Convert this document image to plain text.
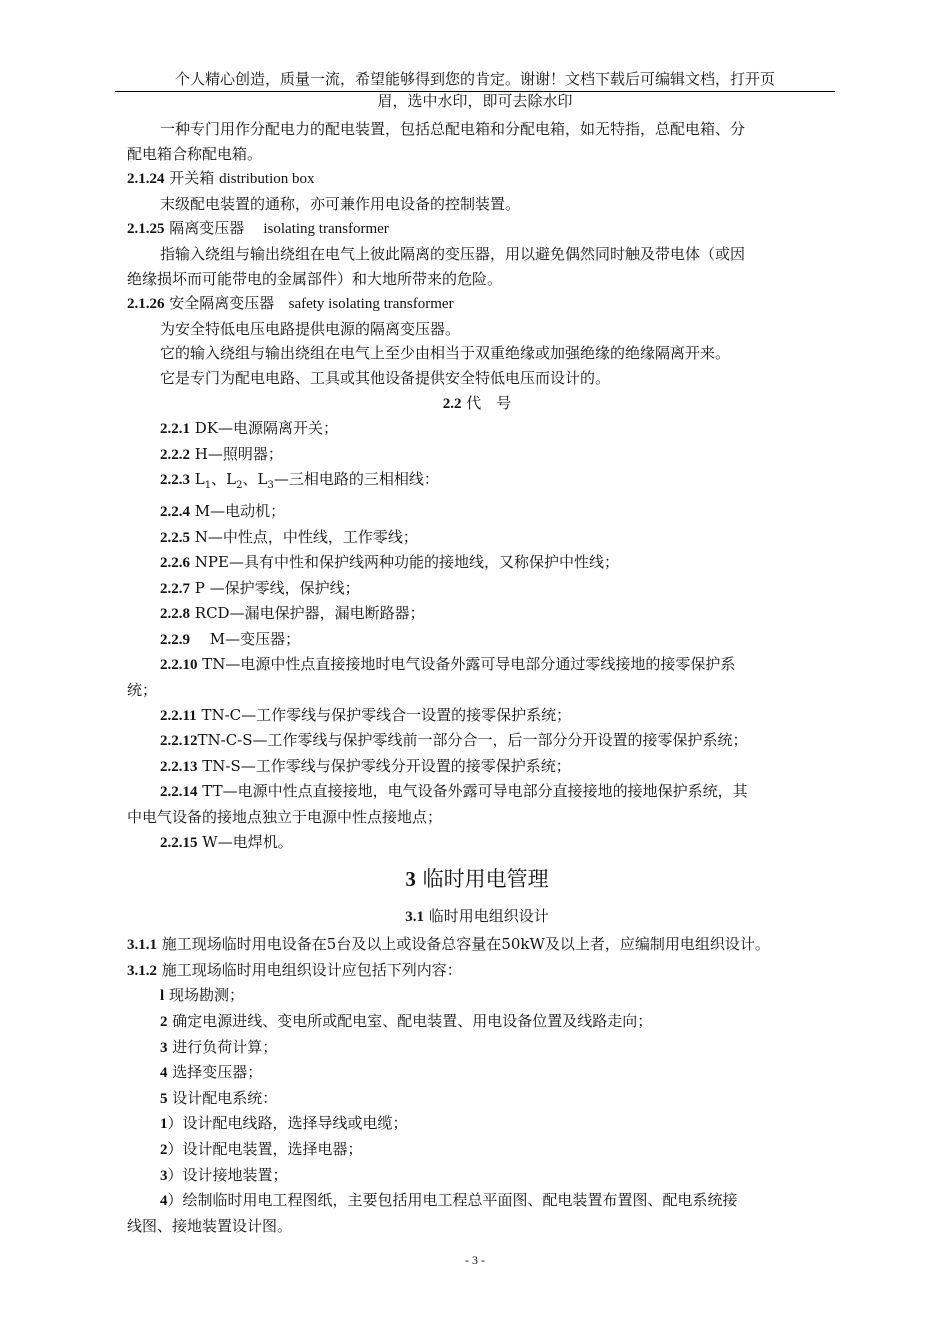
个人精心创造，质量一流，希望能够得到您的肯定。谢谢！文档下载后可编辑文档，打开页
眉，选中水印，即可去除水印

一种专门用作分配电力的配电装置，包括总配电箱和分配电箱，如无特指，总配电箱、分

配电箱合称配电箱。

2.1.24 开关箱 distribution box

末级配电装置的通称，亦可兼作用电设备的控制装置。

2.1.25 隔离变压器 isolating transformer

指输入绕组与输出绕组在电气上彼此隔离的变压器，用以避免偶然同时触及带电体（或因

绝缘损坏而可能带电的金属部件）和大地所带来的危险。

2.1.26 安全隔离变压器 safety isolating transformer

为安全特低电压电路提供电源的隔离变压器。

它的输入绕组与输出绕组在电气上至少由相当于双重绝缘或加强绝缘的绝缘隔离开来。

它是专门为配电电路、工具或其他设备提供安全特低电压而设计的。

2.2 代　号

2.2.1 DK—电源隔离开关；

2.2.2 H—照明器；

2.2.3 $L_1$、$L_2$、$L_3—$三相电路的三相相线：

2.2.4 M—电动机；

2.2.5 N—中性点，中性线，工作零线；

2.2.6 NPE—具有中性和保护线两种功能的接地线，又称保护中性线；

2.2.7 P —保护零线，保护线；

2.2.8 RCD—漏电保护器，漏电断路器；

2.2.9 　M—变压器；

2.2.10 TN—电源中性点直接接地时电气设备外露可导电部分通过零线接地的接零保护系

统；

2.2.11 TN-C—工作零线与保护零线合一设置的接零保护系统；

2.2.12TN-C-S—工作零线与保护零线前一部分合一，后一部分分开设置的接零保护系统；

2.2.13 TN-S—工作零线与保护零线分开设置的接零保护系统；

2.2.14 TT—电源中性点直接接地，电气设备外露可导电部分直接接地的接地保护系统，其

中电气设备的接地点独立于电源中性点接地点；

2.2.15 W—电焊机。

3 临时用电管理

3.1 临时用电组织设计

3.1.1 施工现场临时用电设备在5台及以上或设备总容量在50kW及以上者，应编制用电组织设计。

3.1.2 施工现场临时用电组织设计应包括下列内容：

l 现场勘测；

2 确定电源进线、变电所或配电室、配电装置、用电设备位置及线路走向；

3 进行负荷计算；

4 选择变压器；

5 设计配电系统：

1）设计配电线路，选择导线或电缆；

2）设计配电装置，选择电器；

3）设计接地装置；

4）绘制临时用电工程图纸，主要包括用电工程总平面图、配电装置布置图、配电系统接

线图、接地装置设计图。

- 3 -
